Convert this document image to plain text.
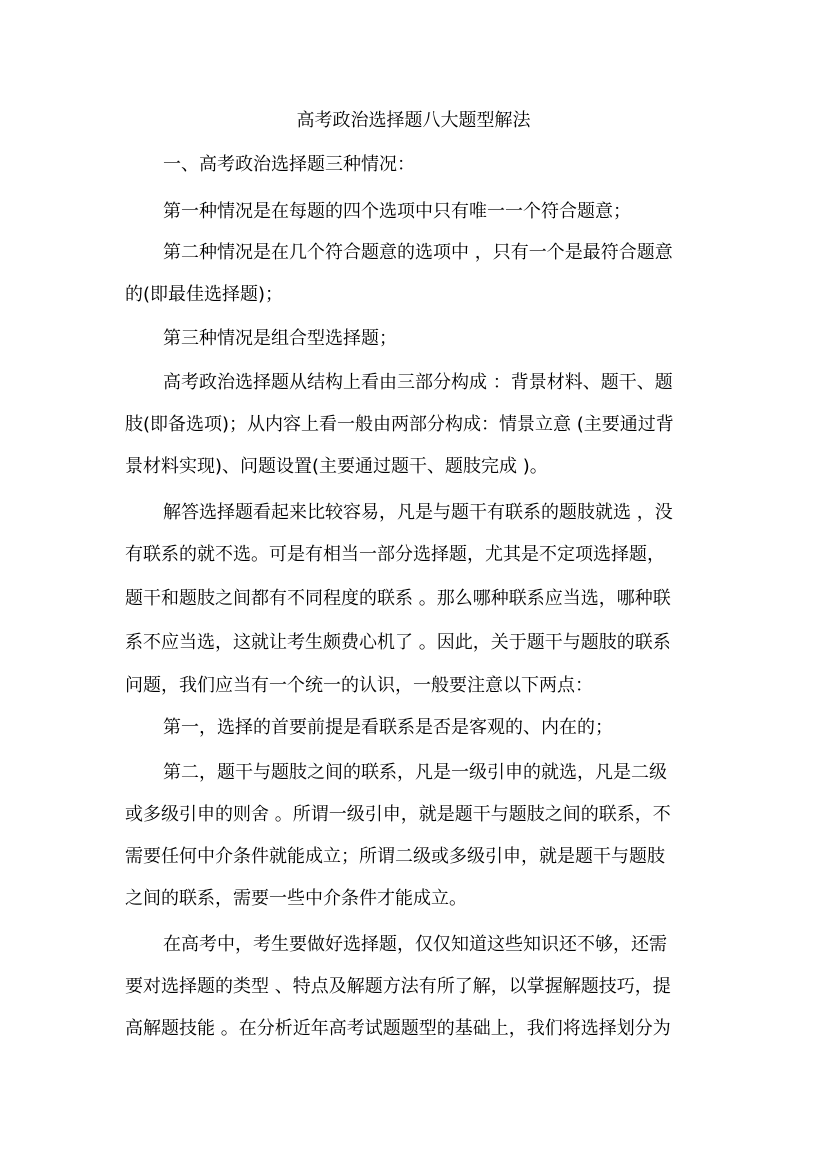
高考政治选择题八大题型解法
一、高考政治选择题三种情况：
第一种情况是在每题的四个选项中只有唯一一个符合题意；
第二种情况是在几个符合题意的选项中 ，只有一个是最符合题意
的(即最佳选择题)；
第三种情况是组合型选择题；
高考政治选择题从结构上看由三部分构成 ：背景材料、题干、题
肢(即备选项)；从内容上看一般由两部分构成：情景立意 (主要通过背
景材料实现)、问题设置(主要通过题干、题肢完成 )。
解答选择题看起来比较容易，凡是与题干有联系的题肢就选 ，没
有联系的就不选。可是有相当一部分选择题，尤其是不定项选择题，
题干和题肢之间都有不同程度的联系 。那么哪种联系应当选，哪种联
系不应当选，这就让考生颇费心机了 。因此，关于题干与题肢的联系
问题，我们应当有一个统一的认识，一般要注意以下两点：
第一，选择的首要前提是看联系是否是客观的、内在的；
第二，题干与题肢之间的联系，凡是一级引申的就选，凡是二级
或多级引申的则舍 。所谓一级引申，就是题干与题肢之间的联系，不
需要任何中介条件就能成立；所谓二级或多级引申，就是题干与题肢
之间的联系，需要一些中介条件才能成立。
在高考中，考生要做好选择题，仅仅知道这些知识还不够，还需
要对选择题的类型 、特点及解题方法有所了解，以掌握解题技巧，提
高解题技能 。在分析近年高考试题题型的基础上，我们将选择划分为
